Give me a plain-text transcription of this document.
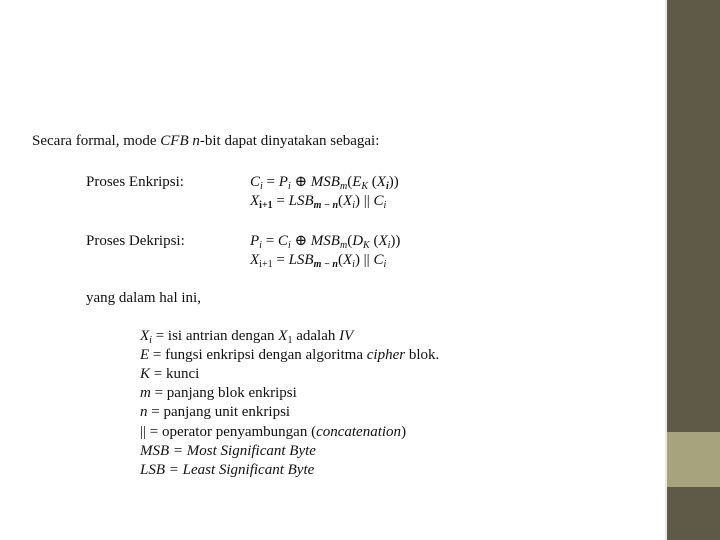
Secara formal, mode CFB n-bit dapat dinyatakan sebagai:
Proses Enkripsi:	$C_i = P_i$ ⊕ $MSB_m(E_K$ $(X_i)$)
$X_{i+1} = LSB_{m - n}(X_i)$ || $C_i$
Proses Dekripsi:	$P_i = C_i$ ⊕ $MSB_m(D_K$ $(X_i)$)
$X_{i+1} = LSB_{m - n}(X_i)$ || $C_i$
yang dalam hal ini,
$X_i$ = isi antrian dengan $X_1$ adalah IV
E = fungsi enkripsi dengan algoritma cipher blok.
K = kunci
m = panjang blok enkripsi
n = panjang unit enkripsi
|| = operator penyambungan (concatenation)
MSB = Most Significant Byte
LSB = Least Significant Byte
